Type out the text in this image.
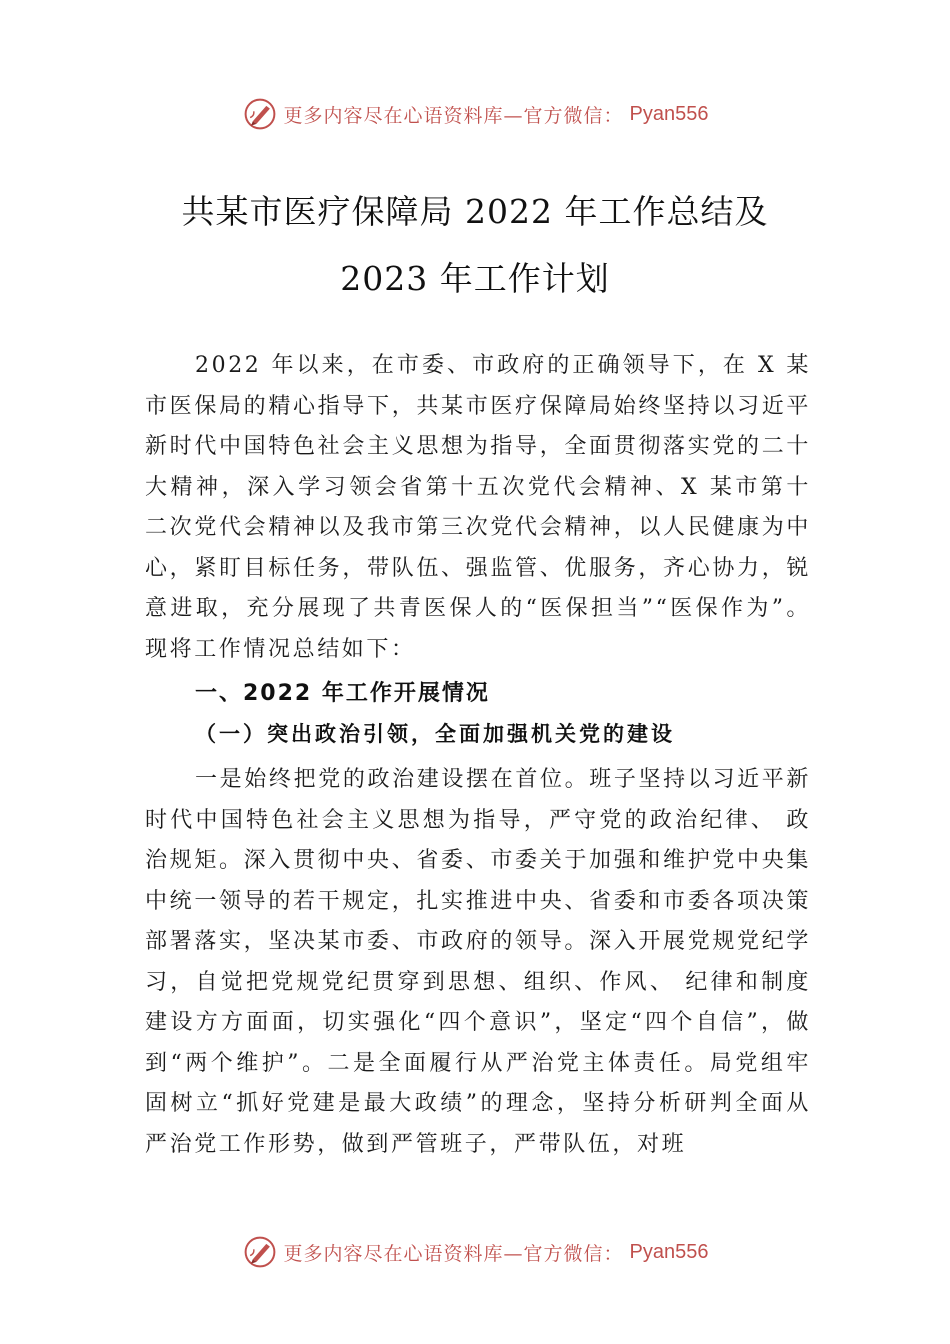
更多内容尽在心语资料库—官方微信： Pyan556
共某市医疗保障局 2022 年工作总结及
2023 年工作计划

2022 年以来，在市委、市政府的正确领导下，在 X 某市医保局的精心指导下，共某市医疗保障局始终坚持以习近平新时代中国特色社会主义思想为指导，全面贯彻落实党的二十大精神，深入学习领会省第十五次党代会精神、X 某市第十二次党代会精神以及我市第三次党代会精神，以人民健康为中心，紧盯目标任务，带队伍、强监管、优服务，齐心协力，锐意进取，充分展现了共青医保人的“医保担当”“医保作为”。现将工作情况总结如下：

一、2022 年工作开展情况

（一）突出政治引领，全面加强机关党的建设

一是始终把党的政治建设摆在首位。班子坚持以习近平新时代中国特色社会主义思想为指导，严守党的政治纪律、 政治规矩。深入贯彻中央、省委、市委关于加强和维护党中央集中统一领导的若干规定，扎实推进中央、省委和市委各项决策部署落实，坚决某市委、市政府的领导。深入开展党规党纪学习，自觉把党规党纪贯穿到思想、组织、作风、 纪律和制度建设方方面面，切实强化“四个意识”，坚定“四个自信”，做到“两个维护”。二是全面履行从严治党主体责任。局党组牢固树立“抓好党建是最大政绩”的理念，坚持分析研判全面从严治党工作形势，做到严管班子，严带队伍，对班

更多内容尽在心语资料库—官方微信： Pyan556
